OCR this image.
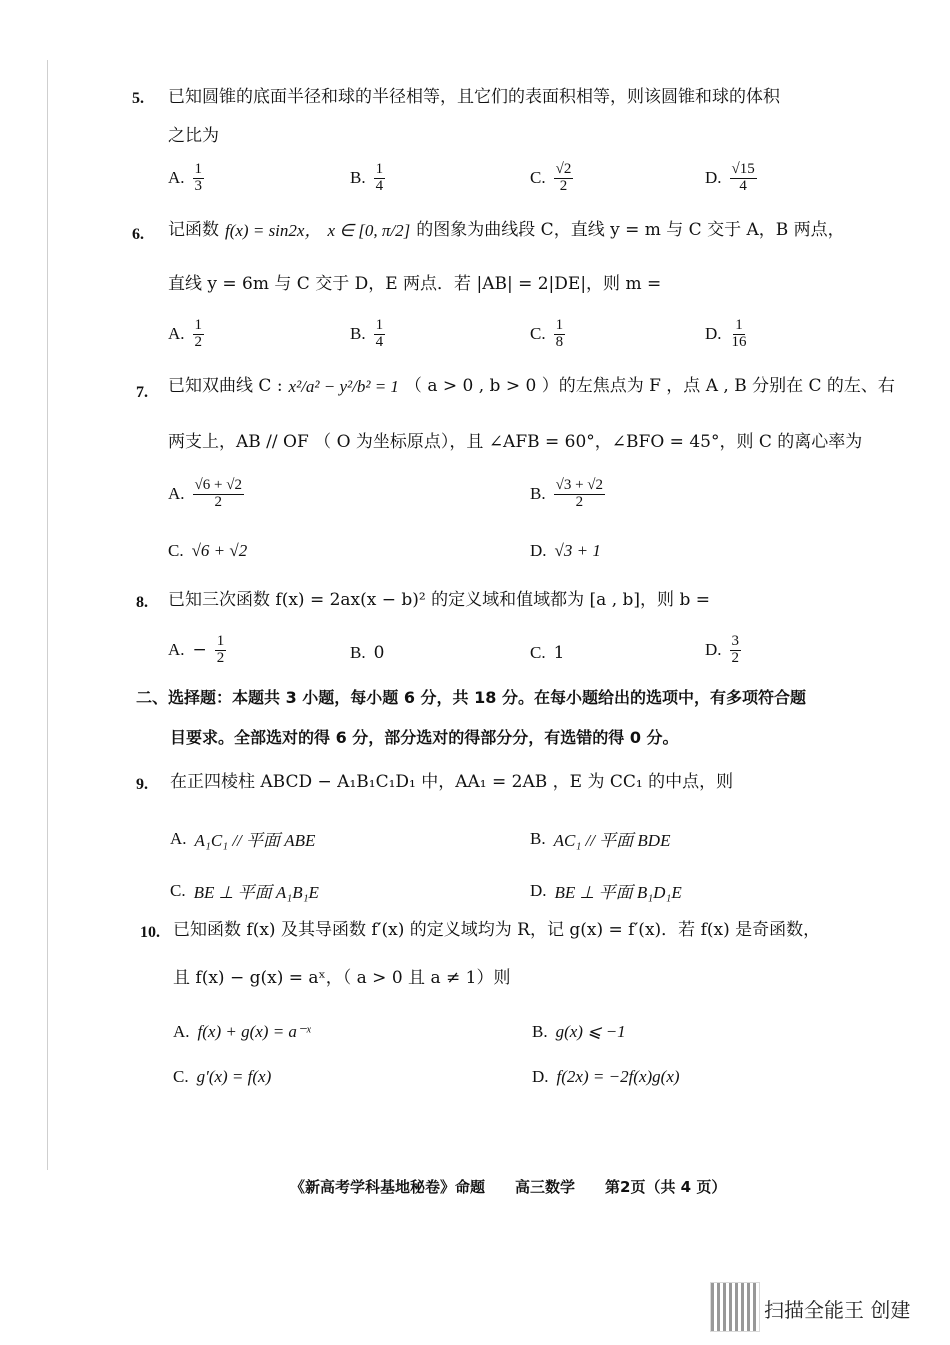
5. 已知圆锥的底面半径和球的半径相等，且它们的表面积相等，则该圆锥和球的体积
之比为
A. $\frac{1}{3}$	B. $\frac{1}{4}$	C. $\frac{√2}{2}$	D. $\frac{√15}{4}$
6. 记函数 f(x) = sin2x， x ∈ [0, π/2] 的图象为曲线段 C，直线 y = m 与 C 交于 A，B 两点，
直线 y = 6m 与 C 交于 D，E 两点．若 |AB| = 2|DE|，则 m =
A. $\frac{1}{2}$	B. $\frac{1}{4}$	C. $\frac{1}{8}$	D. $\frac{1}{16}$
7. 已知双曲线 C : x²/a² − y²/b² = 1 （ a > 0 , b > 0 ）的左焦点为 F ，点 A , B 分别在 C 的左、右
两支上，AB // OF （ O 为坐标原点），且 ∠AFB = 60°，∠BFO = 45°，则 C 的离心率为
A. $\frac{√6 + √2}{2}$	B. $\frac{√3 + √2}{2}$
C. √6 + √2	D. √3 + 1
8. 已知三次函数 f(x) = 2ax(x − b)² 的定义域和值域都为 [a , b]，则 b =
A. − $\frac{1}{2}$	B. 0	C. 1	D. $\frac{3}{2}$
二、选择题：本题共 3 小题，每小题 6 分，共 18 分。在每小题给出的选项中，有多项符合题
目要求。全部选对的得 6 分，部分选对的得部分分，有选错的得 0 分。
9. 在正四棱柱 ABCD − A₁B₁C₁D₁ 中，AA₁ = 2AB ，E 为 CC₁ 的中点，则
A. A₁C₁ // 平面 ABE	B. AC₁ // 平面 BDE
C. BE ⊥ 平面 A₁B₁E	D. BE ⊥ 平面 B₁D₁E
10. 已知函数 f(x) 及其导函数 f′(x) 的定义域均为 R，记 g(x) = f′(x)．若 f(x) 是奇函数，
且 f(x) − g(x) = aˣ，（ a > 0 且 a ≠ 1）则
A. f(x) + g(x) = a⁻ˣ	B. g(x) ⩽ −1
C. g′(x) = f(x)	D. f(2x) = −2f(x)g(x)
《新高考学科基地秘卷》命题　　高三数学　　第2页（共 4 页）
扫描全能王 创建
